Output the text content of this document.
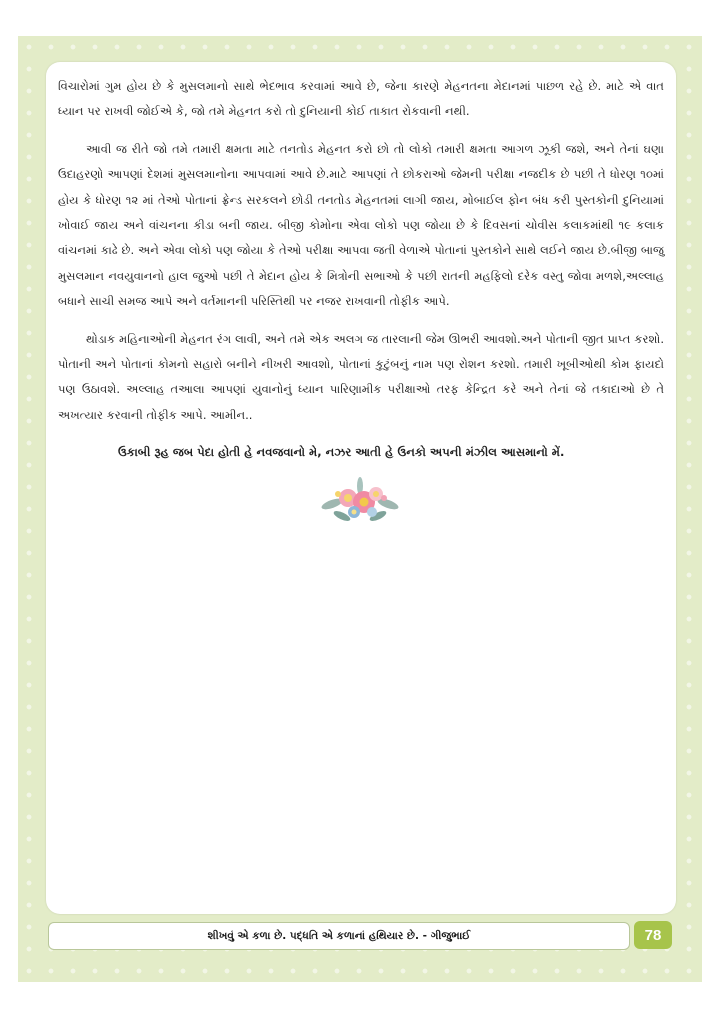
વિચારોમાં ગુમ હોય છે કે મુસલમાનો સાથે ભેદભાવ કરવામાં આવે છે, જેના કારણે મેહનતના મેદાનમાં પાછળ રહે છે. માટે એ વાત ધ્યાન પર રાખવી જોઈએ કે, જો તમે મેહનત કરો તો દુનિયાની કોઈ તાકાત રોકવાની નથી.

આવી જ રીતે જો તમે તમારી ક્ષમતા માટે તનતોડ મેહનત કરો છો તો લોકો તમારી ક્ષમતા આગળ ઝૂકી જશે, અને તેનાં ઘણા ઉદાહરણો આપણાં દેશમાં મુસલમાનોના આપવામાં આવે છે.માટે આપણાં તે છોકરાઓ જેમની પરીક્ષા નજદીક છે પછી તે ધોરણ ૧૦માં હોય કે ધોરણ ૧૨ માં તેઓ પોતાનાં ફ્રેન્ડ સરકલને છોડી તનતોડ મેહનતમાં લાગી જાય, મોબાઈલ ફોન બંધ કરી પુસ્તકોની દુનિયામાં ખોવાઈ જાય અને વાંચનના કીડા બની જાય. બીજી કોમોના એવા લોકો પણ જોયા છે કે દિવસનાં ચોવીસ કલાકમાંથી ૧૯ કલાક વાંચનમાં કાઢે છે. અને એવા લોકો પણ જોયા કે તેઓ પરીક્ષા આપવા જતી વેળાએ પોતાનાં પુસ્તકોને સાથે લઈને જાય છે.બીજી બાજુ મુસલમાન નવયુવાનનો હાલ જુઓ પછી તે મેદાન હોય કે મિત્રોની સભાઓ કે પછી રાતની મહફિલો દરેક વસ્તુ જોવા મળશે,અલ્લાહ બધાને સાચી સમજ આપે અને વર્તમાનની પરિસ્તિથી પર નજર રાખવાની તોફીક આપે.

થોડાક મહિનાઓની મેહનત રંગ લાવી, અને તમે એક અલગ જ તારલાની જેમ ઊભરી આવશો.અને પોતાની જીત પ્રાપ્ત કરશો. પોતાની અને પોતાનાં કોમનો સહારો બનીને નીખરી આવશો, પોતાનાં કુટુંબનું નામ પણ રોશન કરશો. તમારી ખૂબીઓથી કોમ ફાયદો પણ ઉઠાવશે. અલ્લાહ તઆલા આપણાં યુવાનોનું ધ્યાન પારિણામીક પરીક્ષાઓ તરફ કેન્દ્રિત કરે અને તેનાં જે તકાદાઓ છે તે અખત્યાર કરવાની તોફીક આપે. આમીન..

ઉકાબી રૂહ જબ પેદા હોતી હે નવજવાનો મે, નઝર આતી હે ઉનકો અપની મંઝીલ આસમાનો મેં.

શીખવું એ કળા છે. પદ્ધતિ એ કળાનાં હથિયાર છે. - ગીજુભાઈ	78
